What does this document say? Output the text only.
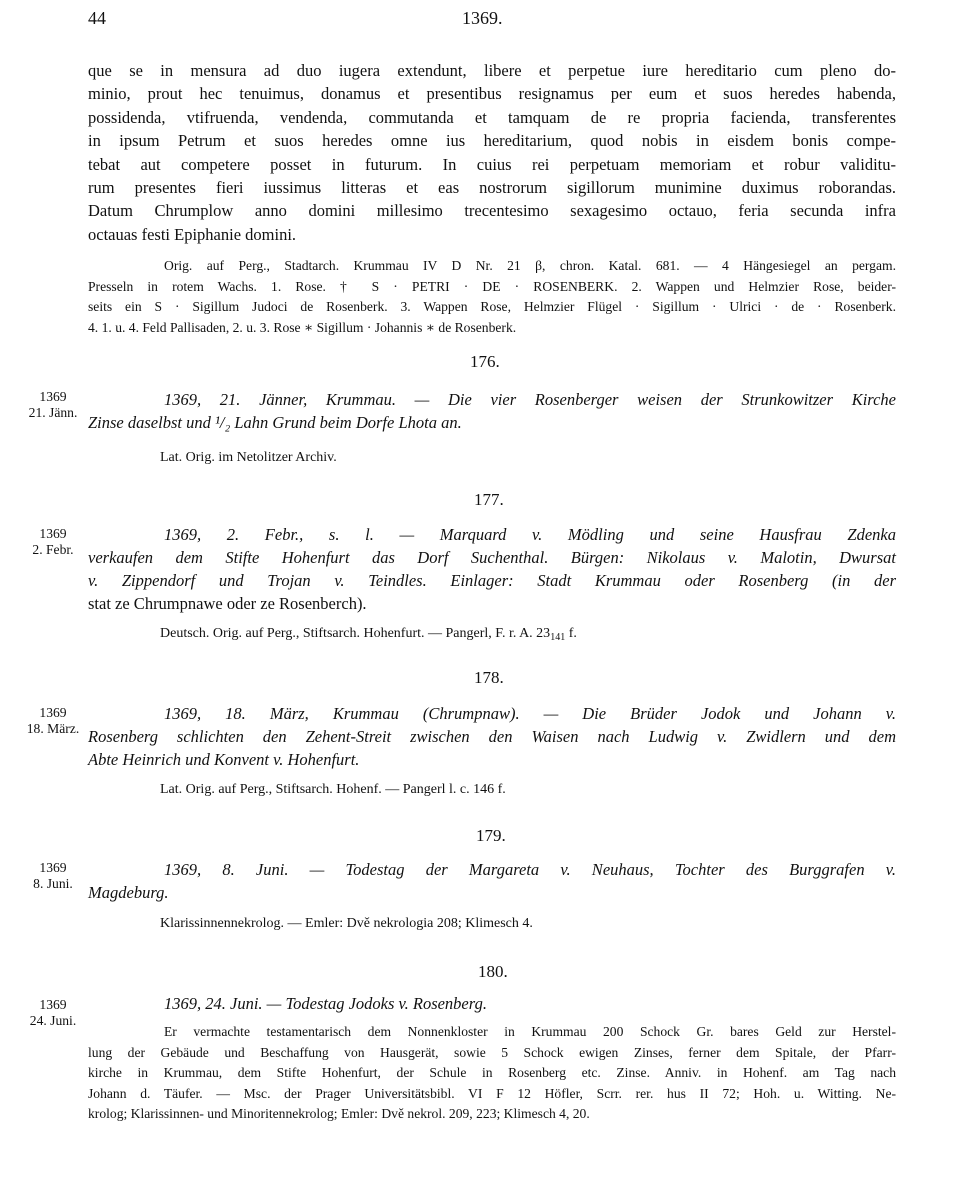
44	1369.
que se in mensura ad duo iugera extendunt, libere et perpetue iure hereditario cum pleno do-
minio, prout hec tenuimus, donamus et presentibus resignamus per eum et suos heredes habenda,
possidenda, vtifruenda, vendenda, commutanda et tamquam de re propria facienda, transferentes
in ipsum Petrum et suos heredes omne ius hereditarium, quod nobis in eisdem bonis compe-
tebat aut competere posset in futurum. In cuius rei perpetuam memoriam et robur validitu-
rum presentes fieri iussimus litteras et eas nostrorum sigillorum munimine duximus roborandas.
Datum Chrumplow anno domini millesimo trecentesimo sexagesimo octauo, feria secunda infra
octauas festi Epiphanie domini.
Orig. auf Perg., Stadtarch. Krummau IV D Nr. 21 β, chron. Katal. 681. — 4 Hängesiegel an pergam.
Presseln in rotem Wachs. 1. Rose. † S · PETRI · DE · ROSENBERK. 2. Wappen und Helmzier Rose, beider-
seits ein S · Sigillum Judoci de Rosenberk. 3. Wappen Rose, Helmzier Flügel · Sigillum · Ulrici · de · Rosenberk.
4. 1. u. 4. Feld Pallisaden, 2. u. 3. Rose ∗ Sigillum · Johannis ∗ de Rosenberk.
176.
1369
21. Jänn.
1369, 21. Jänner, Krummau. — Die vier Rosenberger weisen der Strunkowitzer Kirche
Zinse daselbst und ¹/₂ Lahn Grund beim Dorfe Lhota an.
Lat. Orig. im Netolitzer Archiv.
177.
1369
2. Febr.
1369, 2. Febr., s. l. — Marquard v. Mödling und seine Hausfrau Zdenka
verkaufen dem Stifte Hohenfurt das Dorf Suchenthal. Bürgen: Nikolaus v. Malotin, Dwursat
v. Zippendorf und Trojan v. Teindles. Einlager: Stadt Krummau oder Rosenberg (in der
stat ze Chrumpnawe oder ze Rosenberch).
Deutsch. Orig. auf Perg., Stiftsarch. Hohenfurt. — Pangerl, F. r. A. $23_{141}$ f.
178.
1369
18. März.
1369, 18. März, Krummau (Chrumpnaw). — Die Brüder Jodok und Johann v.
Rosenberg schlichten den Zehent-Streit zwischen den Waisen nach Ludwig v. Zwidlern und dem
Abte Heinrich und Konvent v. Hohenfurt.
Lat. Orig. auf Perg., Stiftsarch. Hohenf. — Pangerl l. c. 146 f.
179.
1369
8. Juni.
1369, 8. Juni. — Todestag der Margareta v. Neuhaus, Tochter des Burggrafen v.
Magdeburg.
Klarissinnennekrolog. — Emler: Dvě nekrologia 208; Klimesch 4.
180.
1369
24. Juni.
1369, 24. Juni. — Todestag Jodoks v. Rosenberg.
Er vermachte testamentarisch dem Nonnenkloster in Krummau 200 Schock Gr. bares Geld zur Herstel-
lung der Gebäude und Beschaffung von Hausgerät, sowie 5 Schock ewigen Zinses, ferner dem Spitale, der Pfarr-
kirche in Krummau, dem Stifte Hohenfurt, der Schule in Rosenberg etc. Zinse. Anniv. in Hohenf. am Tag nach
Johann d. Täufer. — Msc. der Prager Universitätsbibl. VI F 12 Höfler, Scrr. rer. hus II 72; Hoh. u. Witting. Ne-
krolog; Klarissinnen- und Minoritennekrolog; Emler: Dvě nekrol. 209, 223; Klimesch 4, 20.
